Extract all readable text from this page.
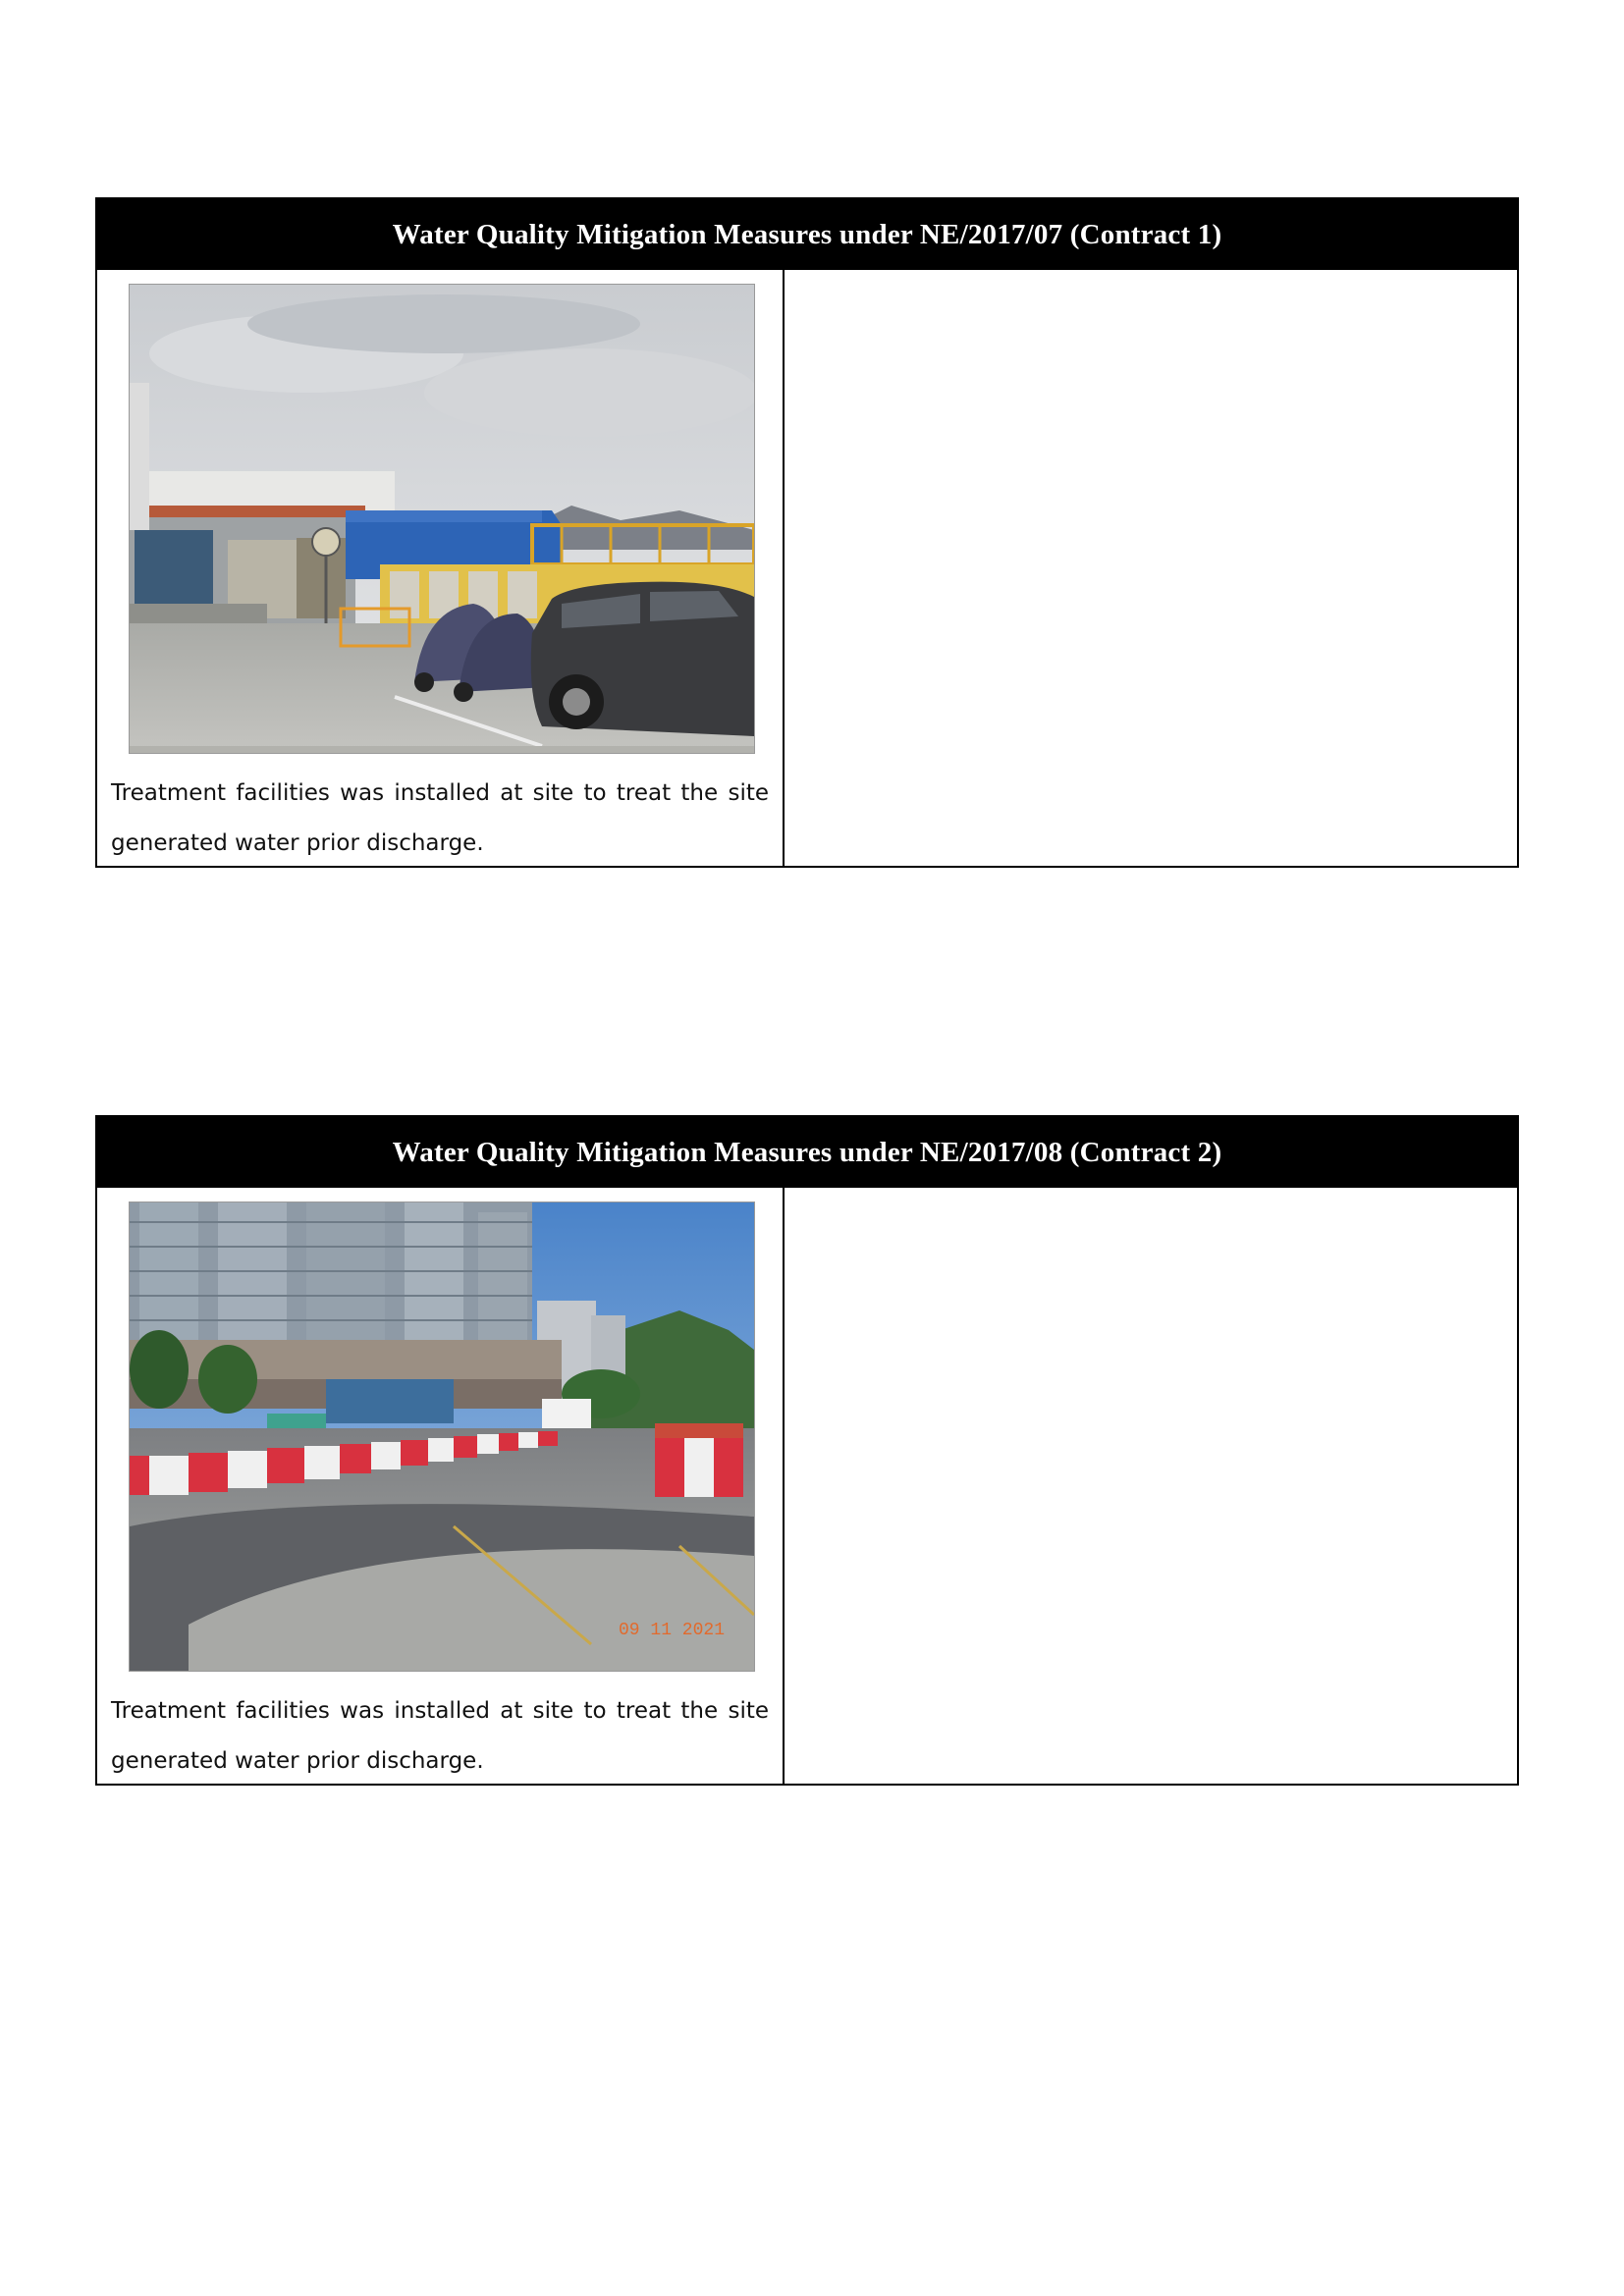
Water Quality Mitigation Measures under NE/2017/07 (Contract 1)
Treatment facilities was installed at site to treat the site generated water prior discharge.
Water Quality Mitigation Measures under NE/2017/08 (Contract 2)
09 11 2021
Treatment facilities was installed at site to treat the site generated water prior discharge.
